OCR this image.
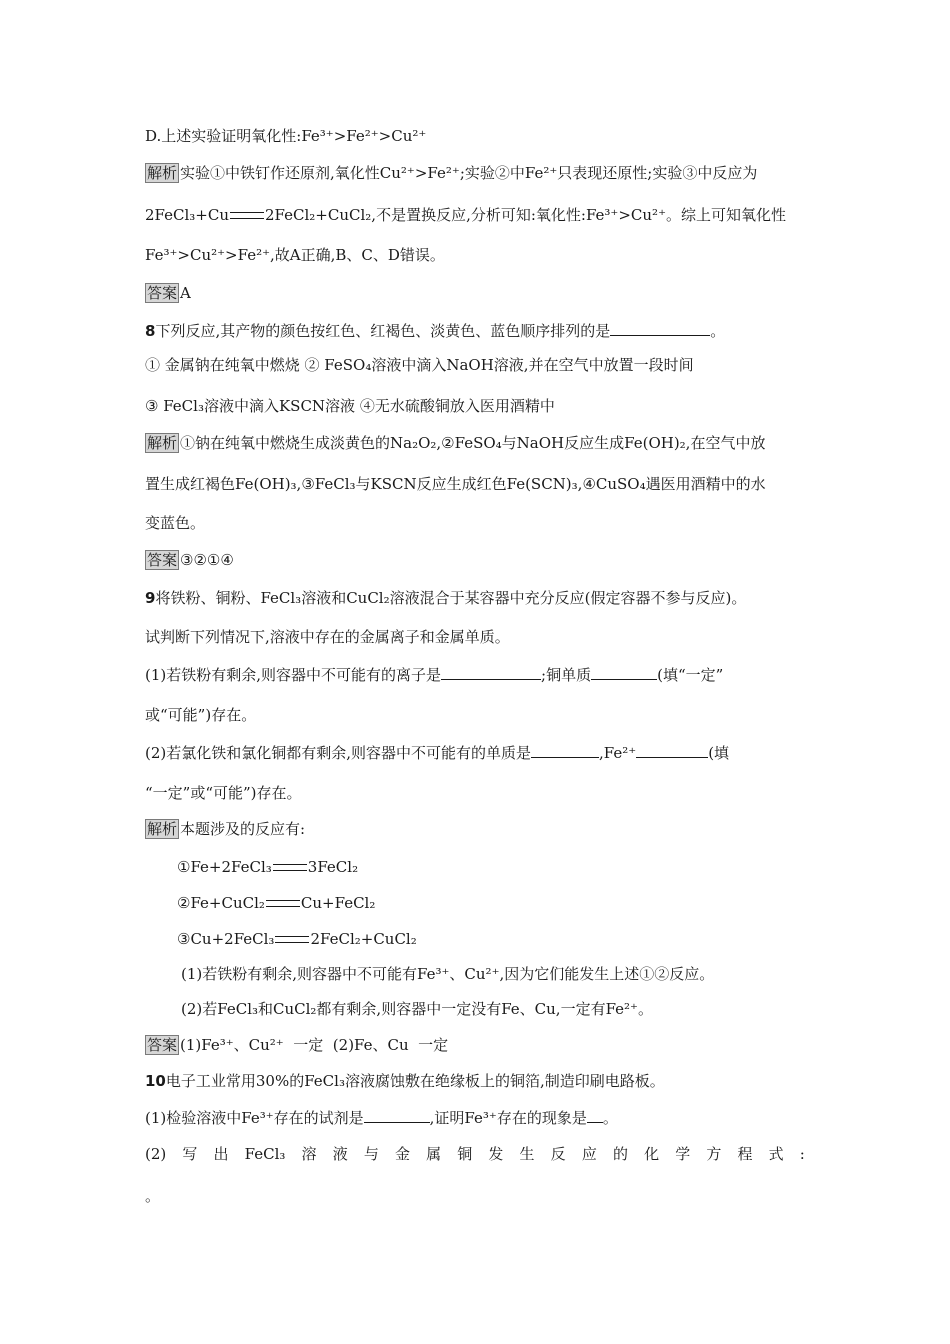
D.上述实验证明氧化性:Fe³⁺>Fe²⁺>Cu²⁺
解析 实验①中铁钉作还原剂,氧化性Cu²⁺>Fe²⁺;实验②中Fe²⁺只表现还原性;实验③中反应为
2FeCl₃+Cu 2FeCl₂+CuCl₂,不是置换反应,分析可知:氧化性:Fe³⁺>Cu²⁺。综上可知氧化性
Fe³⁺>Cu²⁺>Fe²⁺,故A正确,B、C、D错误。
答案 A
8下列反应,其产物的颜色按红色、红褐色、淡黄色、蓝色顺序排列的是	。
① 金属钠在纯氧中燃烧 ② FeSO₄溶液中滴入NaOH溶液,并在空气中放置一段时间
③ FeCl₃溶液中滴入KSCN溶液 ④无水硫酸铜放入医用酒精中
解析 ①钠在纯氧中燃烧生成淡黄色的Na₂O₂,②FeSO₄与NaOH反应生成Fe(OH)₂,在空气中放
置生成红褐色Fe(OH)₃,③FeCl₃与KSCN反应生成红色Fe(SCN)₃,④CuSO₄遇医用酒精中的水
变蓝色。
答案 ③②①④
9将铁粉、铜粉、FeCl₃溶液和CuCl₂溶液混合于某容器中充分反应(假定容器不参与反应)。
试判断下列情况下,溶液中存在的金属离子和金属单质。
(1)若铁粉有剩余,则容器中不可能有的离子是	;铜单质	(填“一定”
或“可能”)存在。
(2)若氯化铁和氯化铜都有剩余,则容器中不可能有的单质是	,Fe²⁺	(填
“一定”或“可能”)存在。
解析 本题涉及的反应有:
①Fe+2FeCl₃ 3FeCl₂
②Fe+CuCl₂ Cu+FeCl₂
③Cu+2FeCl₃ 2FeCl₂+CuCl₂
(1)若铁粉有剩余,则容器中不可能有Fe³⁺、Cu²⁺,因为它们能发生上述①②反应。
(2)若FeCl₃和CuCl₂都有剩余,则容器中一定没有Fe、Cu,一定有Fe²⁺。
答案 (1)Fe³⁺、Cu²⁺  一定  (2)Fe、Cu  一定
10电子工业常用30%的FeCl₃溶液腐蚀敷在绝缘板上的铜箔,制造印刷电路板。
(1)检验溶液中Fe³⁺存在的试剂是	,证明Fe³⁺存在的现象是 。
(2) 写 出 FeCl₃ 溶 液 与 金 属 铜 发 生 反 应 的 化 学 方 程 式 :
。
